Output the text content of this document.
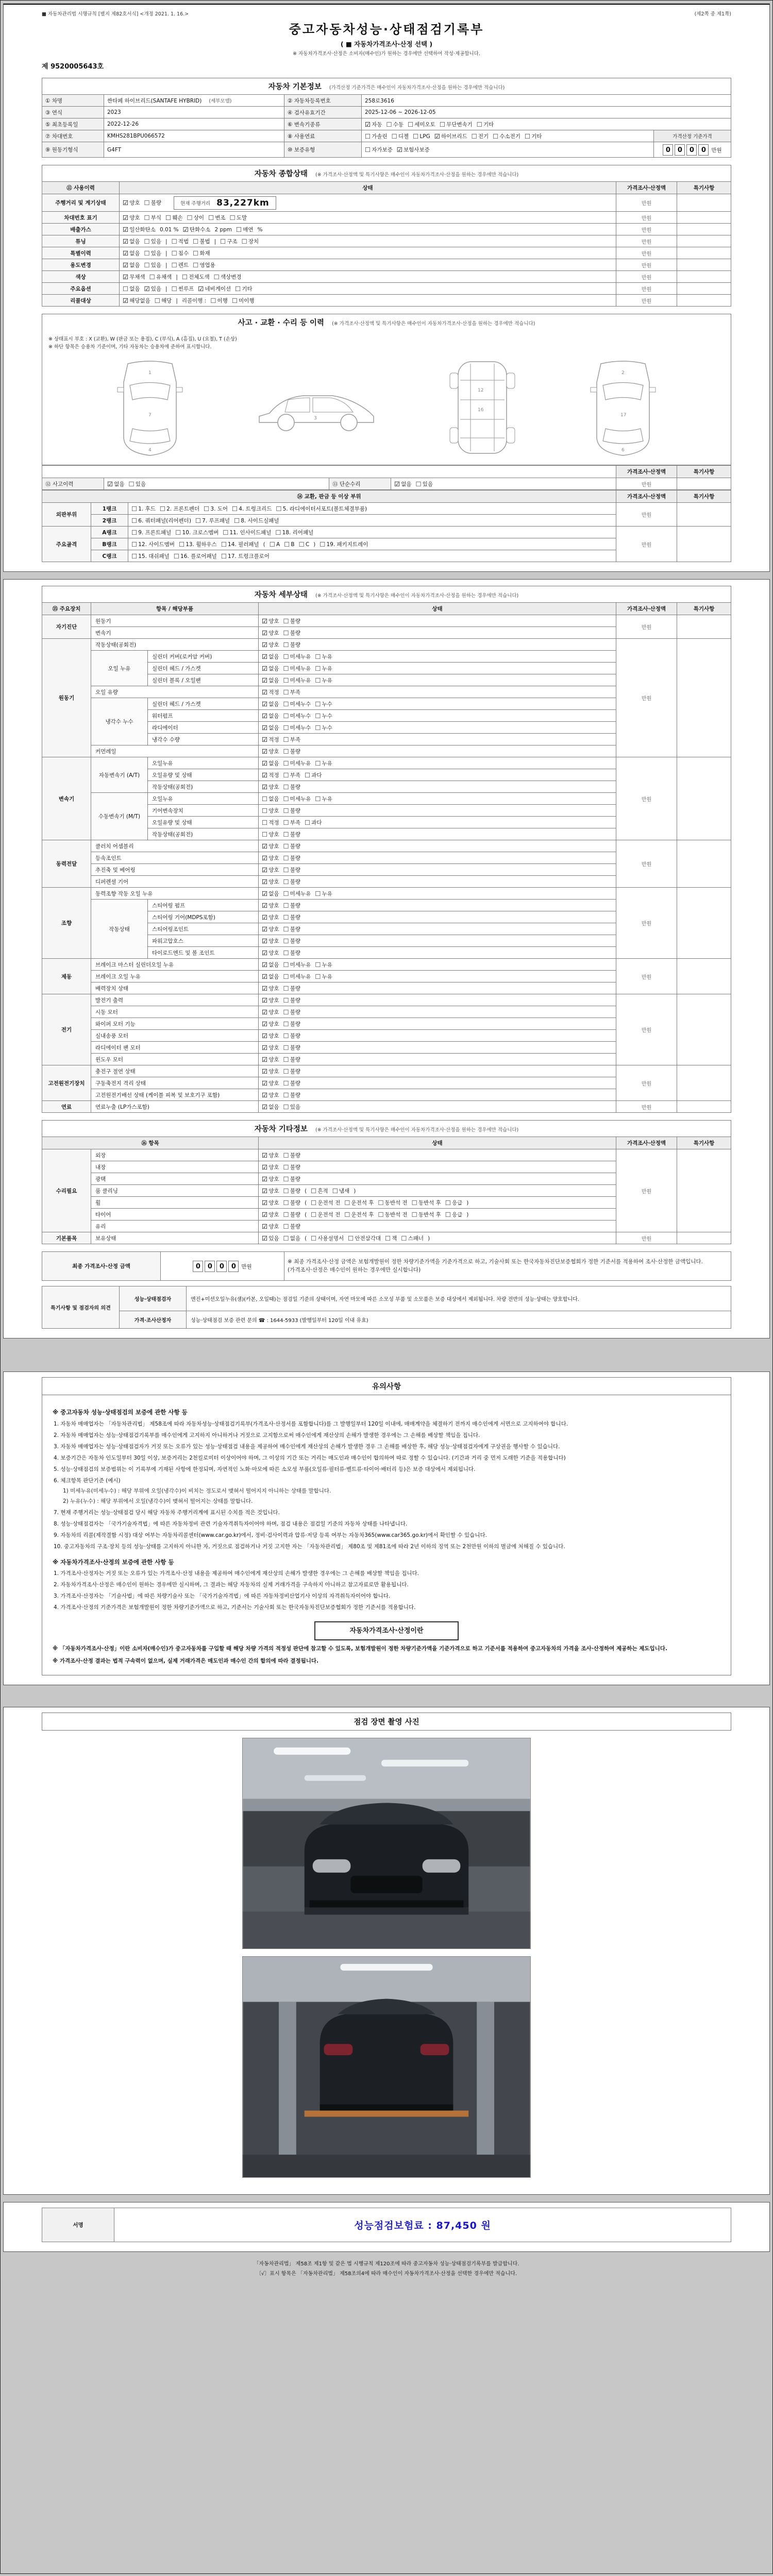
■ 자동차관리법 시행규칙 [별지 제82호서식] <개정 2021. 1. 16.>	(제2쪽 중 제1쪽)
중고자동차성능·상태점검기록부
( ■ 자동차가격조사·산정 선택 )
※ 자동차가격조사·산정은 소비자(매수인)가 원하는 경우에만 선택하여 작성·제공합니다.
제 9520005643호
자동차 기본정보 (가격산정 기준가격은 매수인이 자동차가격조사·산정을 원하는 경우에만 적습니다)
① 차명	싼타페 하이브리드(SANTAFE HYBRID) (세부모델)	② 자동차등록번호	258로3616	
③ 연식	2023	④ 검사유효기간	2025-12-06 ~ 2026-12-05	
⑤ 최초등록일	2022-12-26	⑥ 변속기종류	☑ 자동 ☐ 수동 ☐ 세미오토 ☐ 무단변속기 ☐ 기타	
⑦ 차대번호	KMHS281BPU066572	⑧ 사용연료	☐ 가솔린 ☐ 디젤 ☐ LPG ☑ 하이브리드 ☐ 전기 ☐ 수소전기 ☐ 기타	가격산정 기준가격
⑨ 원동기형식	G4FT	⑩ 보증유형	☐ 자가보증 ☑ 보험사보증	0 0 0 0 만원
자동차 종합상태 (※ 가격조사·산정액 및 특기사항은 매수인이 자동차가격조사·산정을 원하는 경우에만 적습니다)
⑪ 사용이력	상태	가격조사·산정액	특기사항
주행거리 및 계기상태	☑ 양호 ☐ 불량 현재 주행거리 83,227km	만원	
차대번호 표기	☑ 양호 ☐ 부식 ☐ 훼손 ☐ 상이 ☐ 변조 ☐ 도말	만원	
배출가스	☑ 일산화탄소 0.01 % ☑ 탄화수소 2 ppm ☐ 매연 %	만원	
튜닝	☑ 없음 ☐ 있음 | ☐ 적법 ☐ 불법 | ☐ 구조 ☐ 장치	만원	
특별이력	☑ 없음 ☐ 있음 | ☐ 침수 ☐ 화재	만원	
용도변경	☑ 없음 ☐ 있음 | ☐ 렌트 ☐ 영업용	만원	
색상	☑ 무채색 ☐ 유채색 | ☐ 전체도색 ☐ 색상변경	만원	
주요옵션	☐ 없음 ☑ 있음 | ☐ 썬루프 ☑ 네비게이션 ☐ 기타	만원	
리콜대상	☑ 해당없음 ☐ 해당 | 리콜이행 : ☐ 이행 ☐ 미이행	만원	
사고 · 교환 · 수리 등 이력 (※ 가격조사·산정액 및 특기사항은 매수인이 자동차가격조사·산정을 원하는 경우에만 적습니다)
※ 상태표시 부호 : X (교환), W (판금 또는 용접), C (부식), A (흠집), U (요철), T (손상)
※ 하단 항목은 승용차 기준이며, 기타 자동차는 승용차에 준하여 표시합니다.
1
7
4
3
12
16
2
17
6
				가격조사·산정액	특기사항
⑫ 사고이력	☑ 없음 ☐ 있음	⑬ 단순수리	☑ 없음 ☐ 있음	만원	
⑭ 교환, 판금 등 이상 부위			가격조사·산정액	특기사항
외판부위	1랭크	☐ 1. 후드 ☐ 2. 프론트펜더 ☐ 3. 도어 ☐ 4. 트렁크리드 ☐ 5. 라디에이터서포트(볼트체결부품)	만원	
	2랭크	☐ 6. 쿼터패널(리어펜더) ☐ 7. 루프패널 ☐ 8. 사이드실패널		
주요골격	A랭크	☐ 9. 프론트패널 ☐ 10. 크로스멤버 ☐ 11. 인사이드패널 ☐ 18. 리어패널	만원	
	B랭크	☐ 12. 사이드멤버 ☐ 13. 휠하우스 ☐ 14. 필러패널 ( ☐ A ☐ B ☐ C ) ☐ 19. 패키지트레이		
	C랭크	☐ 15. 대쉬패널 ☐ 16. 플로어패널 ☐ 17. 트렁크플로어		
자동차 세부상태 (※ 가격조사·산정액 및 특기사항은 매수인이 자동차가격조사·산정을 원하는 경우에만 적습니다)
⑮ 주요장치	항목 / 해당부품		상태	가격조사·산정액	특기사항
자기진단	원동기		☑ 양호 ☐ 불량	만원	
	변속기		☑ 양호 ☐ 불량		
원동기	작동상태(공회전)		☑ 양호 ☐ 불량	만원	
	오일 누유	실린더 커버(로커암 커버)	☑ 없음 ☐ 미세누유 ☐ 누유		
		실린더 헤드 / 가스켓	☑ 없음 ☐ 미세누유 ☐ 누유		
		실린더 블록 / 오일팬	☑ 없음 ☐ 미세누유 ☐ 누유		
	오일 유량		☑ 적정 ☐ 부족		
	냉각수 누수	실린더 헤드 / 가스켓	☑ 없음 ☐ 미세누수 ☐ 누수		
		워터펌프	☑ 없음 ☐ 미세누수 ☐ 누수		
		라디에이터	☑ 없음 ☐ 미세누수 ☐ 누수		
		냉각수 수량	☑ 적정 ☐ 부족		
	커먼레일		☑ 양호 ☐ 불량		
변속기	자동변속기 (A/T)	오일누유	☑ 없음 ☐ 미세누유 ☐ 누유	만원	
		오일유량 및 상태	☑ 적정 ☐ 부족 ☐ 과다		
		작동상태(공회전)	☑ 양호 ☐ 불량		
	수동변속기 (M/T)	오일누유	☐ 없음 ☐ 미세누유 ☐ 누유		
		기어변속장치	☐ 양호 ☐ 불량		
		오일유량 및 상태	☐ 적정 ☐ 부족 ☐ 과다		
		작동상태(공회전)	☐ 양호 ☐ 불량		
동력전달	클러치 어셈블리		☑ 양호 ☐ 불량	만원	
	등속조인트		☑ 양호 ☐ 불량		
	추진축 및 베어링		☑ 양호 ☐ 불량		
	디퍼렌셜 기어		☑ 양호 ☐ 불량		
조향	동력조향 작동 오일 누유		☑ 없음 ☐ 미세누유 ☐ 누유	만원	
	작동상태	스티어링 펌프	☑ 양호 ☐ 불량		
		스티어링 기어(MDPS포함)	☑ 양호 ☐ 불량		
		스티어링조인트	☑ 양호 ☐ 불량		
		파워고압호스	☑ 양호 ☐ 불량		
		타이로드엔드 및 볼 조인트	☑ 양호 ☐ 불량		
제동	브레이크 마스터 실린더오일 누유		☑ 없음 ☐ 미세누유 ☐ 누유	만원	
	브레이크 오일 누유		☑ 없음 ☐ 미세누유 ☐ 누유		
	배력장치 상태		☑ 양호 ☐ 불량		
전기	발전기 출력		☑ 양호 ☐ 불량	만원	
	시동 모터		☑ 양호 ☐ 불량		
	와이퍼 모터 기능		☑ 양호 ☐ 불량		
	실내송풍 모터		☑ 양호 ☐ 불량		
	라디에이터 팬 모터		☑ 양호 ☐ 불량		
	윈도우 모터		☑ 양호 ☐ 불량		
고전원전기장치	충전구 절연 상태		☑ 양호 ☐ 불량	만원	
	구동축전지 격리 상태		☑ 양호 ☐ 불량		
	고전원전기배선 상태 (케이블 피복 및 보호기구 포함)		☑ 양호 ☐ 불량		
연료	연료누출 (LP가스포함)		☑ 없음 ☐ 있음	만원	
자동차 기타정보 (※ 가격조사·산정액 및 특기사항은 매수인이 자동차가격조사·산정을 원하는 경우에만 적습니다)
⑯ 항목		상태	가격조사·산정액	특기사항
수리필요	외장	☑ 양호 ☐ 불량	만원	
	내장	☑ 양호 ☐ 불량		
	광택	☑ 양호 ☐ 불량		
	룸 클리닝	☑ 양호 ☐ 불량 ( ☐ 흔적 ☐ 냄새 )		
	휠	☑ 양호 ☐ 불량 ( ☐ 운전석 전 ☐ 운전석 후 ☐ 동반석 전 ☐ 동반석 후 ☐ 응급 )		
	타이어	☑ 양호 ☐ 불량 ( ☐ 운전석 전 ☐ 운전석 후 ☐ 동반석 전 ☐ 동반석 후 ☐ 응급 )		
	유리	☑ 양호 ☐ 불량		
기본품목	보유상태	☑ 있음 ☐ 없음 ( ☐ 사용설명서 ☐ 안전삼각대 ☐ 잭 ☐ 스패너 )	만원	
최종 가격조사·산정 금액	0	0	0	0 만원	
※ 최종 가격조사·산정 금액은 보험개발원이 정한 차량기준가액을 기준가격으로 하고, 기술사회 또는 한국자동차진단보증협회가 정한 기준서를 적용하여 조사·산정한 금액입니다.
(가격조사·산정은 매수인이 원하는 경우에만 실시합니다)
특기사항 및 점검자의 의견	성능·상태점검자	엔진+미션오일누유(샘)(카본, 오일때)는 점검일 기준의 상태이며, 자연 마모에 따른 소모성 부품 및 소모품은 보증 대상에서 제외됩니다. 차량 전반의 성능·상태는 양호합니다.
	가격·조사산정자	성능·상태점검 보증 관련 문의 ☎ : 1644-5933 (발행일부터 120일 이내 유효)
유의사항
※ 중고자동차 성능·상태점검의 보증에 관한 사항 등
1. 자동차 매매업자는 「자동차관리법」 제58조에 따라 자동차성능·상태점검기록부(가격조사·산정서를 포함합니다)를 그 발행일부터 120일 이내에, 매매계약을 체결하기 전까지 매수인에게 서면으로 고지하여야 합니다.
2. 자동차 매매업자는 성능·상태점검기록부를 매수인에게 고지하지 아니하거나 거짓으로 고지함으로써 매수인에게 재산상의 손해가 발생한 경우에는 그 손해를 배상할 책임을 집니다.
3. 자동차 매매업자는 성능·상태점검자가 거짓 또는 오류가 있는 성능·상태점검 내용을 제공하여 매수인에게 재산상의 손해가 발생한 경우 그 손해를 배상한 후, 해당 성능·상태점검자에게 구상권을 행사할 수 있습니다.
4. 보증기간은 자동차 인도일부터 30일 이상, 보증거리는 2천킬로미터 이상이어야 하며, 그 이상의 기간 또는 거리는 매도인과 매수인이 합의하여 따로 정할 수 있습니다. (기간과 거리 중 먼저 도래한 기준을 적용합니다)
5. 성능·상태점검의 보증범위는 이 기록부에 기재된 사항에 한정되며, 자연적인 노화·마모에 따른 소모성 부품(오일류·필터류·벨트류·타이어·배터리 등)은 보증 대상에서 제외됩니다.
6. 체크항목 판단기준 (예시)
1) 미세누유(미세누수) : 해당 부위에 오일(냉각수)이 비치는 정도로서 맺혀서 떨어지지 아니하는 상태를 말합니다.
2) 누유(누수) : 해당 부위에서 오일(냉각수)이 맺혀서 떨어지는 상태를 말합니다.
7. 현재 주행거리는 성능·상태점검 당시 해당 자동차 주행거리계에 표시된 수치를 적은 것입니다.
8. 성능·상태점검자는 「국가기술자격법」에 따른 자동차정비 관련 기술자격취득자이어야 하며, 점검 내용은 점검일 기준의 자동차 상태를 나타냅니다.
9. 자동차의 리콜(제작결함 시정) 대상 여부는 자동차리콜센터(www.car.go.kr)에서, 정비·검사이력과 압류·저당 등록 여부는 자동차365(www.car365.go.kr)에서 확인할 수 있습니다.
10. 중고자동차의 구조·장치 등의 성능·상태를 고지하지 아니한 자, 거짓으로 점검하거나 거짓 고지한 자는 「자동차관리법」 제80조 및 제81조에 따라 2년 이하의 징역 또는 2천만원 이하의 벌금에 처해질 수 있습니다.
※ 자동차가격조사·산정의 보증에 관한 사항 등
1. 가격조사·산정자는 거짓 또는 오류가 있는 가격조사·산정 내용을 제공하여 매수인에게 재산상의 손해가 발생한 경우에는 그 손해를 배상할 책임을 집니다.
2. 자동차가격조사·산정은 매수인이 원하는 경우에만 실시하며, 그 결과는 해당 자동차의 실제 거래가격을 구속하지 아니하고 참고자료로만 활용됩니다.
3. 가격조사·산정자는 「기술사법」에 따른 차량기술사 또는 「국가기술자격법」에 따른 자동차정비산업기사 이상의 자격취득자이어야 합니다.
4. 가격조사·산정의 기준가격은 보험개발원이 정한 차량기준가액으로 하고, 기준서는 기술사회 또는 한국자동차진단보증협회가 정한 기준서를 적용합니다.
자동차가격조사·산정이란
※ 「자동차가격조사·산정」이란 소비자(매수인)가 중고자동차를 구입할 때 해당 차량 가격의 적정성 판단에 참고할 수 있도록, 보험개발원이 정한 차량기준가액을 기준가격으로 하고 기준서를 적용하여 중고자동차의 가격을 조사·산정하여 제공하는 제도입니다.
※ 가격조사·산정 결과는 법적 구속력이 없으며, 실제 거래가격은 매도인과 매수인 간의 합의에 따라 결정됩니다.
점검 장면 촬영 사진
서명	성능점검보험료 : 87,450 원
「자동차관리법」 제58조 제1항 및 같은 법 시행규칙 제120조에 따라 중고자동차 성능·상태점검기록부를 발급합니다.
〔√〕표시 항목은 「자동차관리법」 제58조의4에 따라 매수인이 자동차가격조사·산정을 선택한 경우에만 적습니다.
